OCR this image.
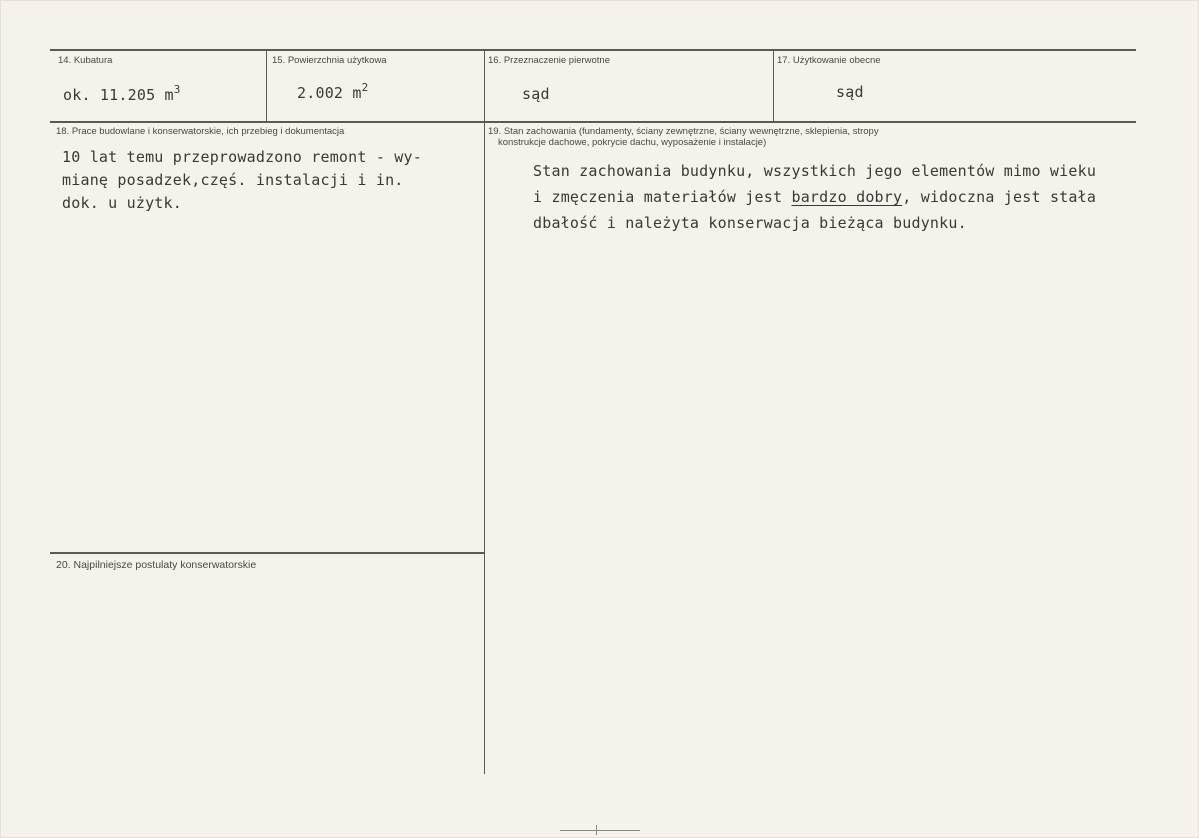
14. Kubatura
ok. 11.205 $m^3$
15. Powierzchnia użytkowa
2.002 $m^2$
16. Przeznaczenie pierwotne
sąd
17. Użytkowanie obecne
sąd
18. Prace budowlane i konserwatorskie, ich przebieg i dokumentacja
10 lat temu przeprowadzono remont - wy-
mianę posadzek,częś. instalacji i in.
dok. u użytk.
19. Stan zachowania (fundamenty, ściany zewnętrzne, ściany wewnętrzne, sklepienia, stropy
konstrukcje dachowe, pokrycie dachu, wyposażenie i instalacje)
Stan zachowania budynku, wszystkich jego elementów mimo wieku
i zmęczenia materiałów jest bardzo dobry, widoczna jest stała
dbałość i należyta konserwacja bieżąca budynku.
20. Najpilniejsze postulaty konserwatorskie
